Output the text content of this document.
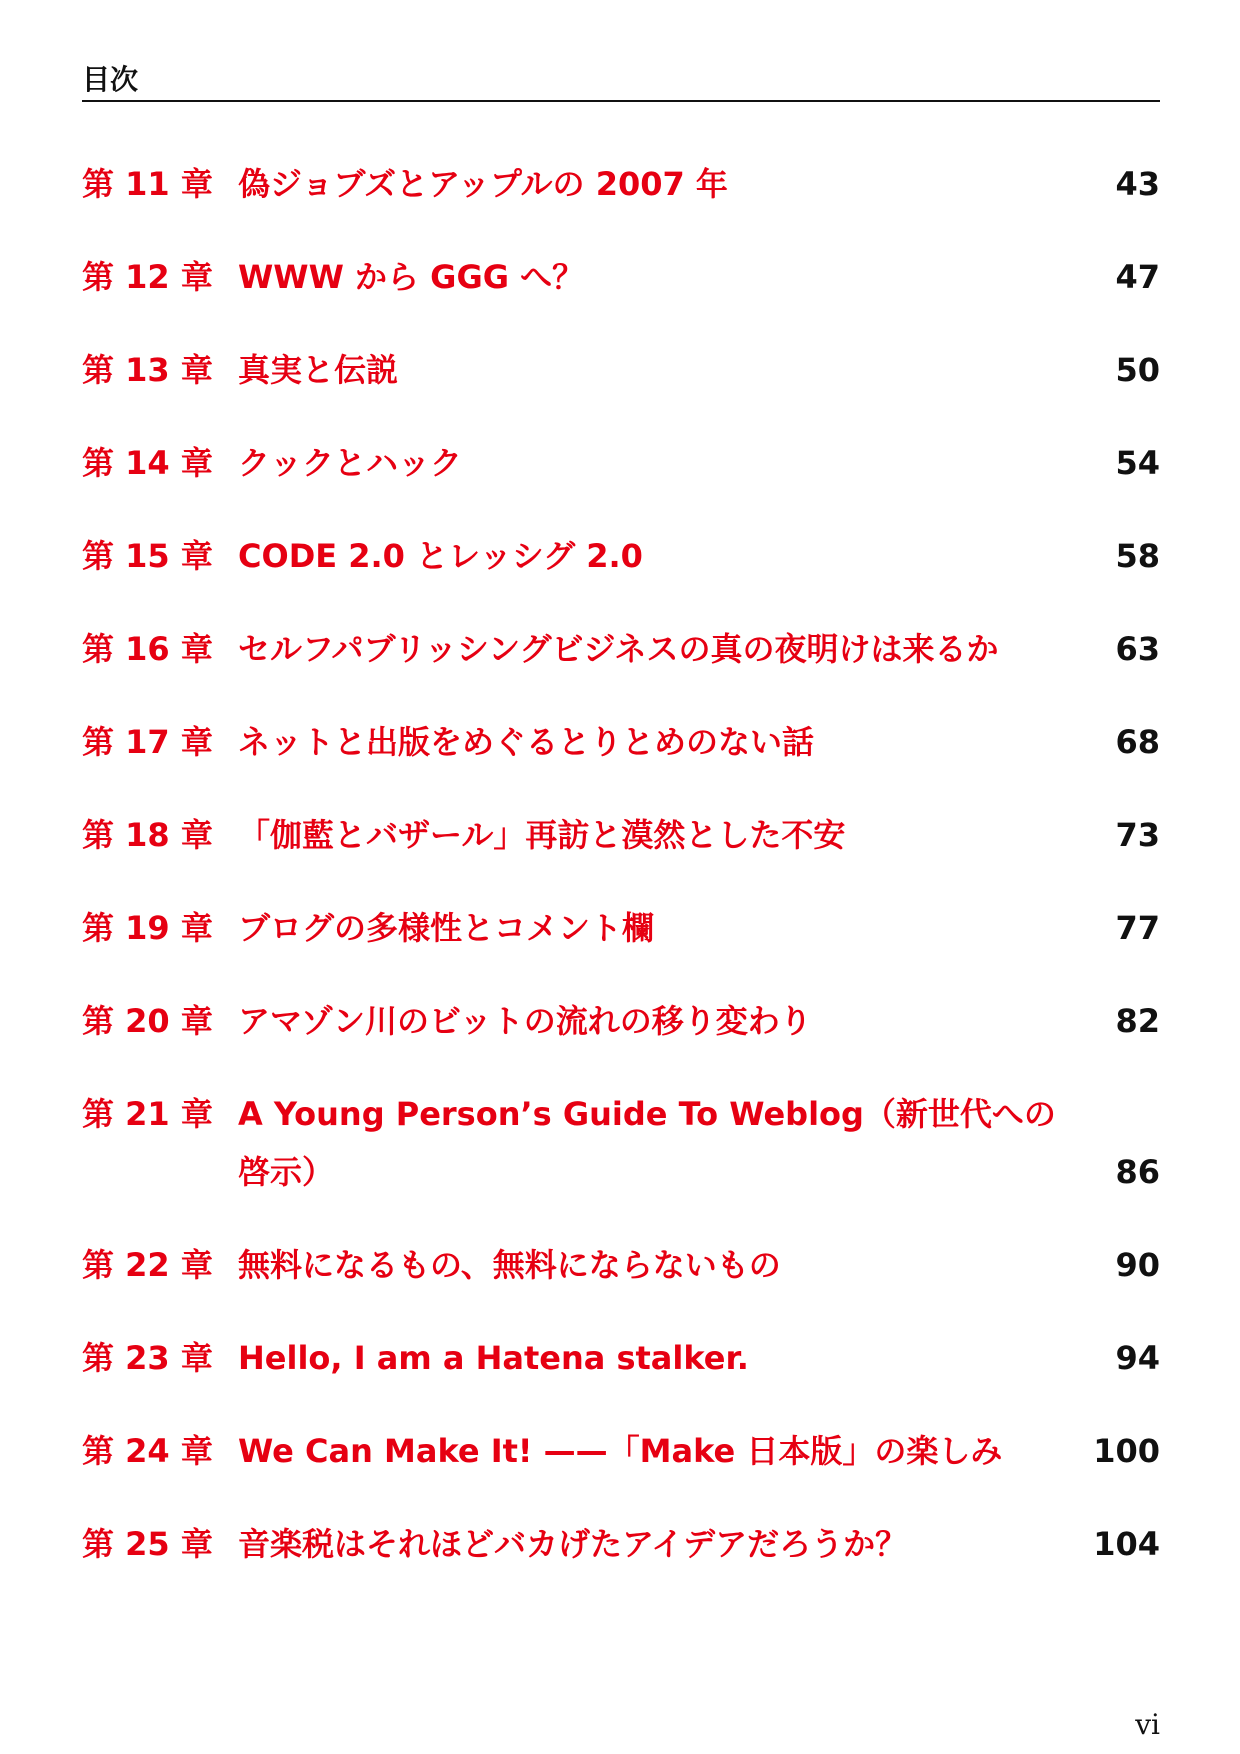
目次
第 11 章 偽ジョブズとアップルの 2007 年	43
第 12 章 WWW から GGG へ？	47
第 13 章 真実と伝説	50
第 14 章 クックとハック	54
第 15 章 CODE 2.0 とレッシグ 2.0	58
第 16 章 セルフパブリッシングビジネスの真の夜明けは来るか	63
第 17 章 ネットと出版をめぐるとりとめのない話	68
第 18 章 「伽藍とバザール」再訪と漠然とした不安	73
第 19 章 ブログの多様性とコメント欄	77
第 20 章 アマゾン川のビットの流れの移り変わり	82
第 21 章 A Young Person’s Guide To Weblog（新世代への啓示）	86
第 22 章 無料になるもの、無料にならないもの	90
第 23 章 Hello, I am a Hatena stalker.	94
第 24 章 We Can Make It! ——「Make 日本版」の楽しみ	100
第 25 章 音楽税はそれほどバカげたアイデアだろうか？	104
vi
